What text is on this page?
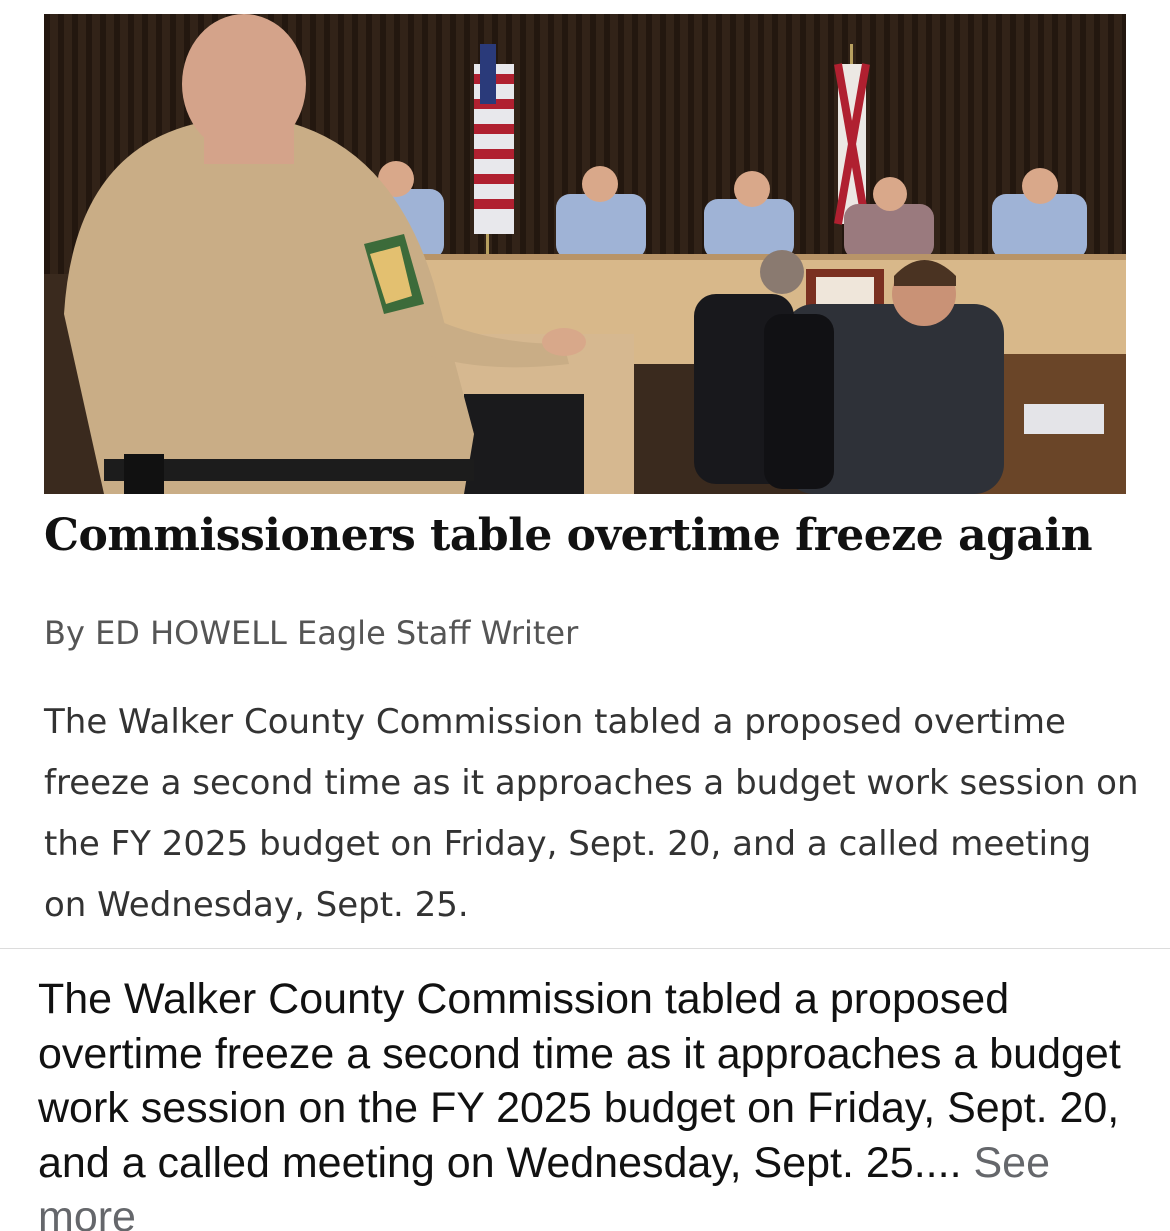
Commissioners table overtime freeze again
By ED HOWELL Eagle Staff Writer

The Walker County Commission tabled a proposed overtime freeze a second time as it approaches a budget work session on the FY 2025 budget on Friday, Sept. 20, and a called meeting on Wednesday, Sept. 25.

The Walker County Commission tabled a proposed overtime freeze a second time as it approaches a budget work session on the FY 2025 budget on Friday, Sept. 20, and a called meeting on Wednesday, Sept. 25.... See more
